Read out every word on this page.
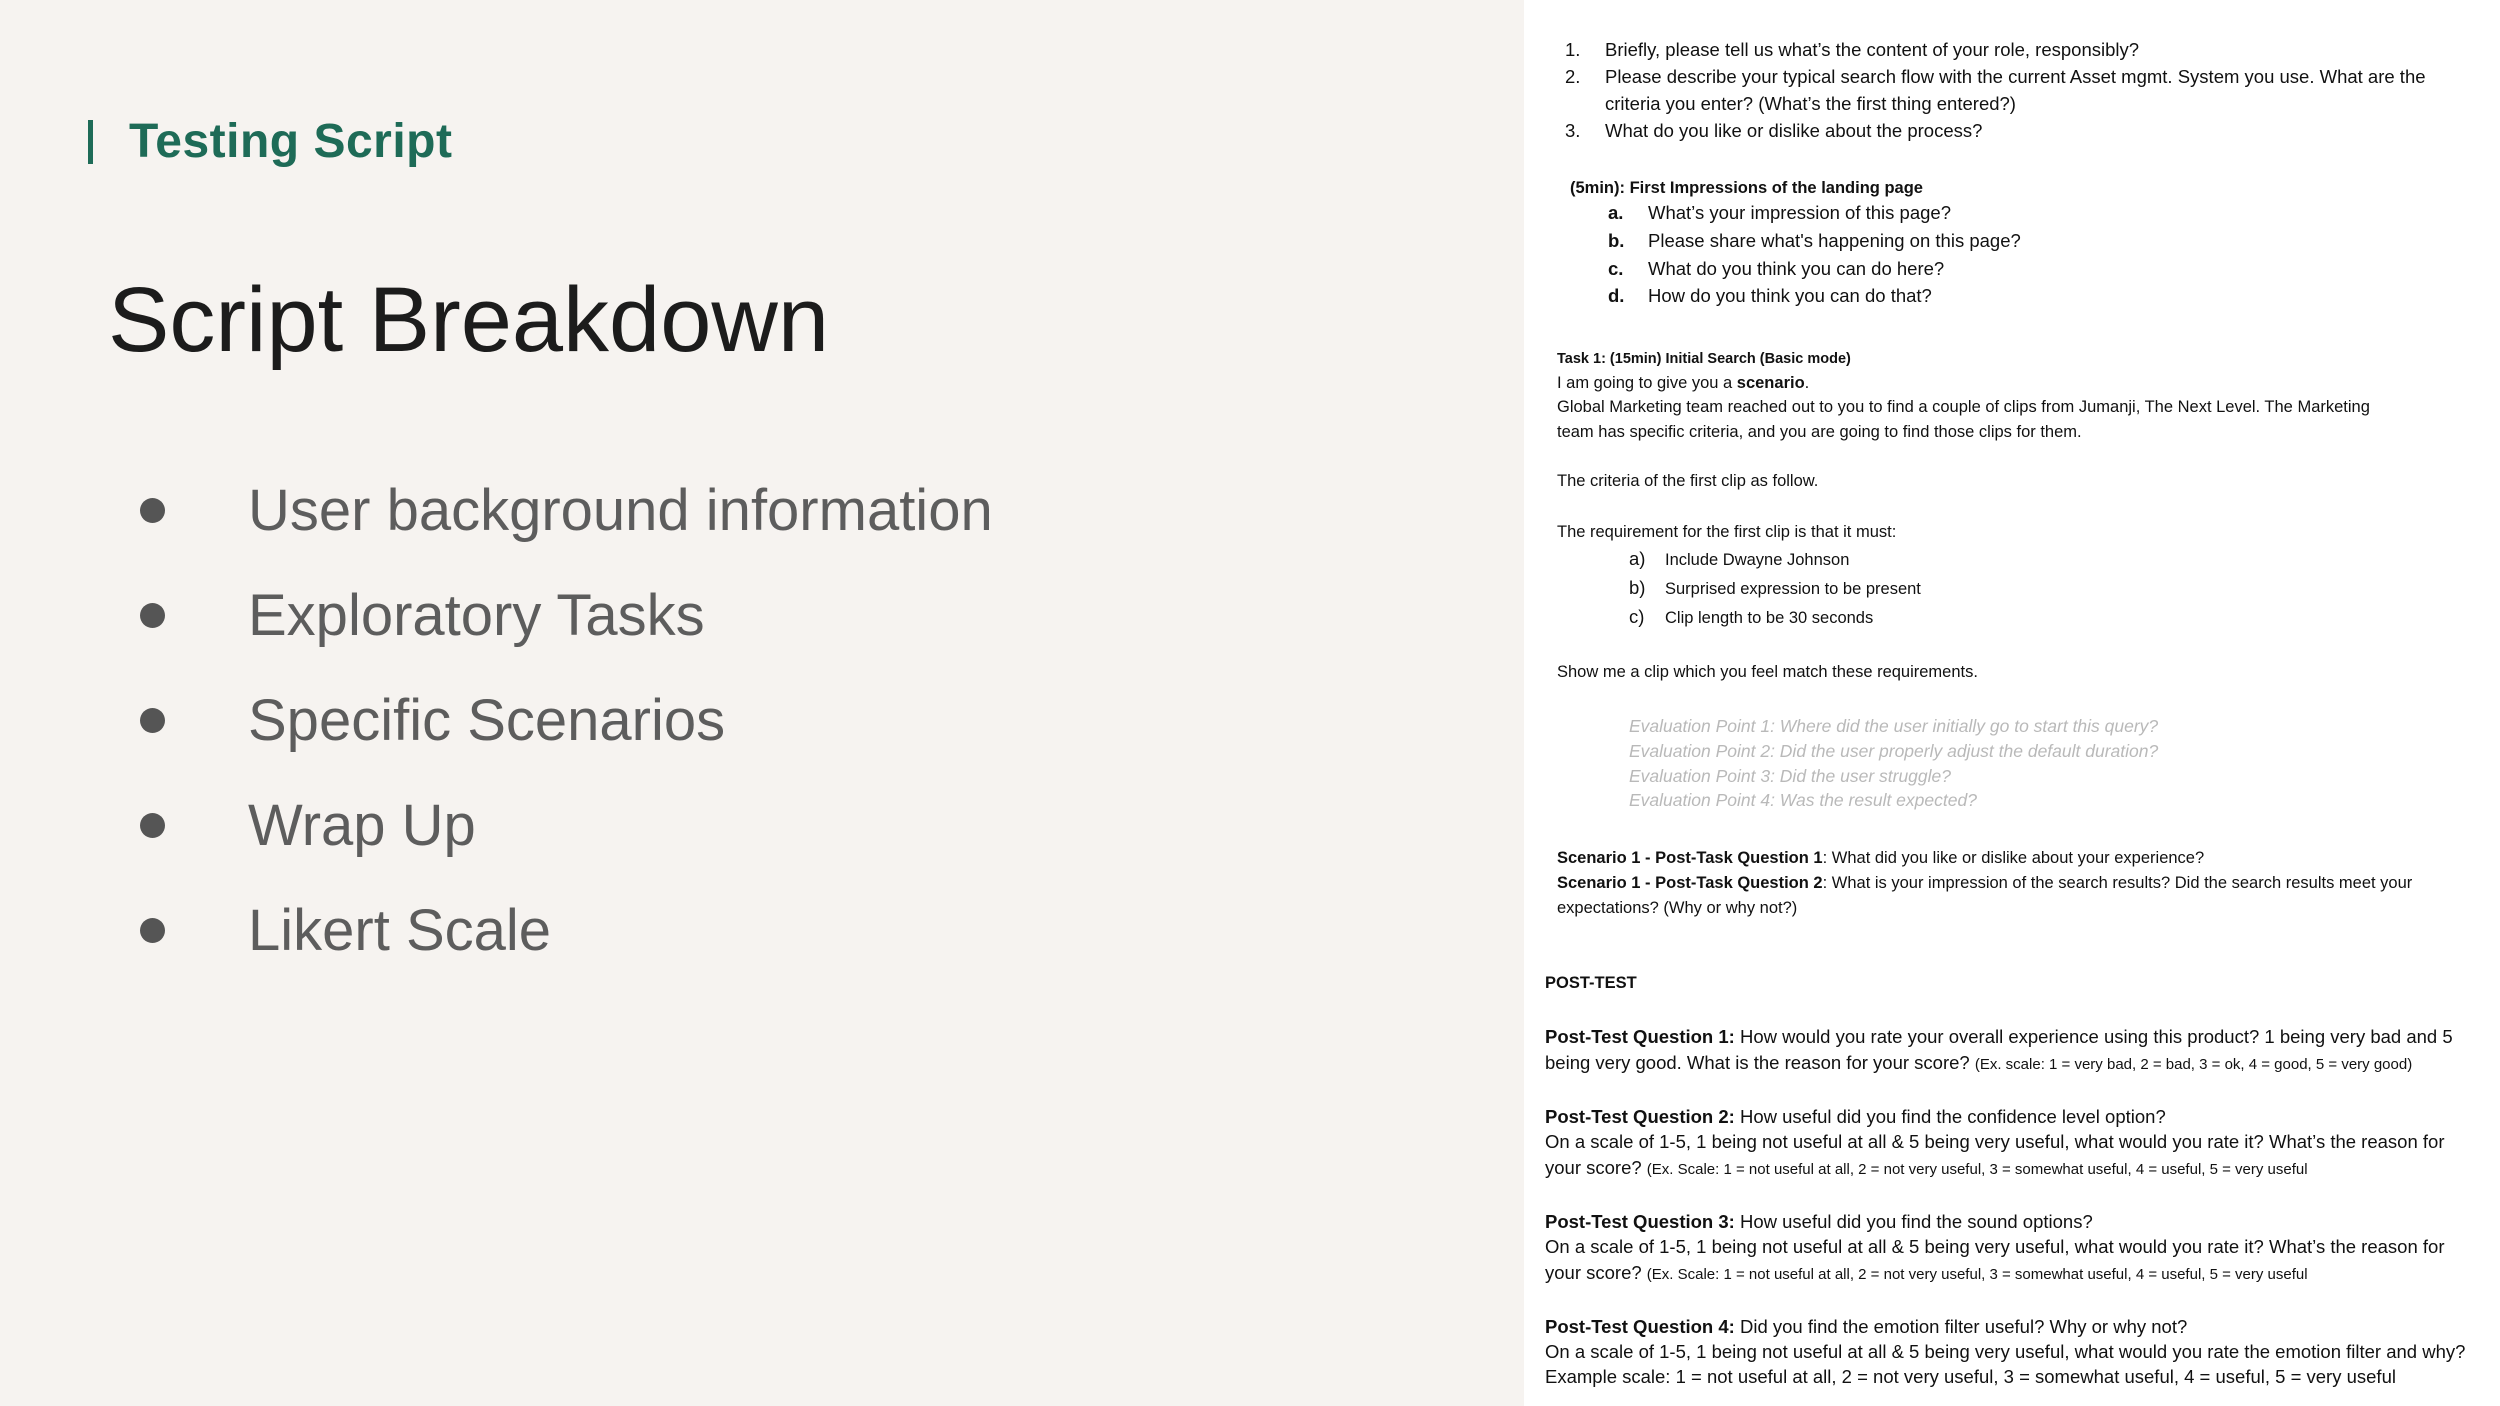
Testing Script
Script Breakdown
User background information
Exploratory Tasks
Specific Scenarios
Wrap Up
Likert Scale
1. Briefly, please tell us what’s the content of your role, responsibly?
2. Please describe your typical search flow with the current Asset mgmt. System you use. What are the
criteria you enter? (What’s the first thing entered?)
3. What do you like or dislike about the process?
(5min): First Impressions of the landing page
a. What’s your impression of this page?
b. Please share what's happening on this page?
c. What do you think you can do here?
d. How do you think you can do that?
Task 1: (15min) Initial Search (Basic mode)
I am going to give you a scenario.
Global Marketing team reached out to you to find a couple of clips from Jumanji, The Next Level. The Marketing
team has specific criteria, and you are going to find those clips for them.
The criteria of the first clip as follow.
The requirement for the first clip is that it must:
a) Include Dwayne Johnson
b) Surprised expression to be present
c) Clip length to be 30 seconds
Show me a clip which you feel match these requirements.
Evaluation Point 1: Where did the user initially go to start this query?
Evaluation Point 2: Did the user properly adjust the default duration?
Evaluation Point 3: Did the user struggle?
Evaluation Point 4: Was the result expected?
Scenario 1 - Post-Task Question 1: What did you like or dislike about your experience?
Scenario 1 - Post-Task Question 2: What is your impression of the search results? Did the search results meet your
expectations? (Why or why not?)
POST-TEST
Post-Test Question 1: How would you rate your overall experience using this product? 1 being very bad and 5
being very good. What is the reason for your score? (Ex. scale: 1 = very bad, 2 = bad, 3 = ok, 4 = good, 5 = very good)
Post-Test Question 2: How useful did you find the confidence level option?
On a scale of 1-5, 1 being not useful at all & 5 being very useful, what would you rate it? What’s the reason for
your score? (Ex. Scale: 1 = not useful at all, 2 = not very useful, 3 = somewhat useful, 4 = useful, 5 = very useful
Post-Test Question 3: How useful did you find the sound options?
On a scale of 1-5, 1 being not useful at all & 5 being very useful, what would you rate it? What’s the reason for
your score? (Ex. Scale: 1 = not useful at all, 2 = not very useful, 3 = somewhat useful, 4 = useful, 5 = very useful
Post-Test Question 4: Did you find the emotion filter useful? Why or why not?
On a scale of 1-5, 1 being not useful at all & 5 being very useful, what would you rate the emotion filter and why?
Example scale: 1 = not useful at all, 2 = not very useful, 3 = somewhat useful, 4 = useful, 5 = very useful
